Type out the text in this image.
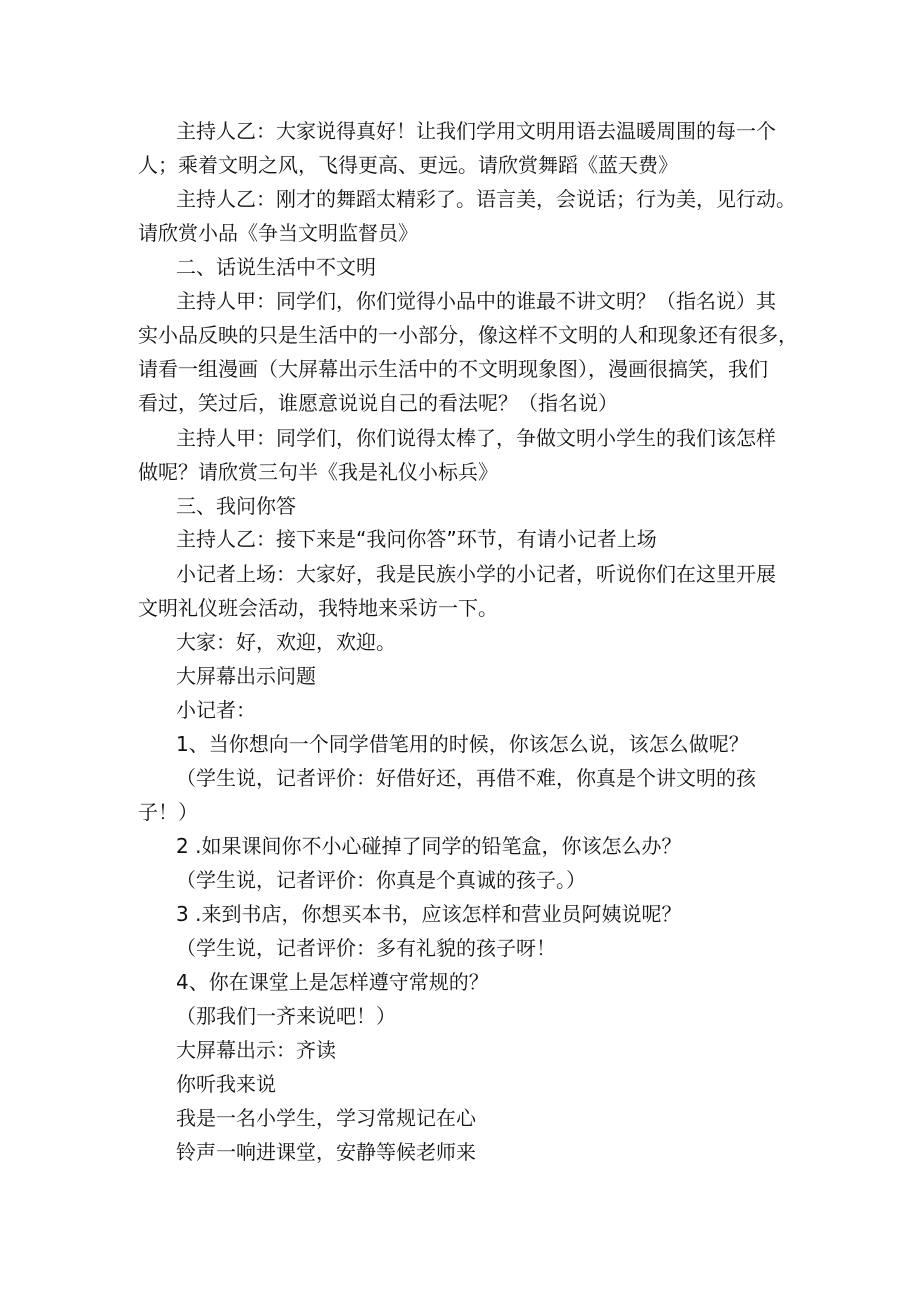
主持人乙：大家说得真好！让我们学用文明用语去温暖周围的每一个
人；乘着文明之风，飞得更高、更远。请欣赏舞蹈《蓝天费》
主持人乙：刚才的舞蹈太精彩了。语言美，会说话；行为美，见行动。
请欣赏小品《争当文明监督员》
二、话说生活中不文明
主持人甲：同学们，你们觉得小品中的谁最不讲文明？（指名说）其
实小品反映的只是生活中的一小部分，像这样不文明的人和现象还有很多，
请看一组漫画（大屏幕出示生活中的不文明现象图），漫画很搞笑，我们
看过，笑过后，谁愿意说说自己的看法呢？（指名说）
主持人甲：同学们，你们说得太棒了，争做文明小学生的我们该怎样
做呢？请欣赏三句半《我是礼仪小标兵》
三、我问你答
主持人乙：接下来是“我问你答”环节，有请小记者上场
小记者上场：大家好，我是民族小学的小记者，听说你们在这里开展
文明礼仪班会活动，我特地来采访一下。
大家：好，欢迎，欢迎。
大屏幕出示问题
小记者：
1、当你想向一个同学借笔用的时候，你该怎么说，该怎么做呢？
（学生说，记者评价：好借好还，再借不难，你真是个讲文明的孩
子！）
2 .如果课间你不小心碰掉了同学的铅笔盒，你该怎么办？
（学生说，记者评价：你真是个真诚的孩子。）
3 .来到书店，你想买本书，应该怎样和营业员阿姨说呢？
（学生说，记者评价：多有礼貌的孩子呀！
4、你在课堂上是怎样遵守常规的？
（那我们一齐来说吧！）
大屏幕出示：齐读
你听我来说
我是一名小学生，学习常规记在心
铃声一响进课堂，安静等候老师来
